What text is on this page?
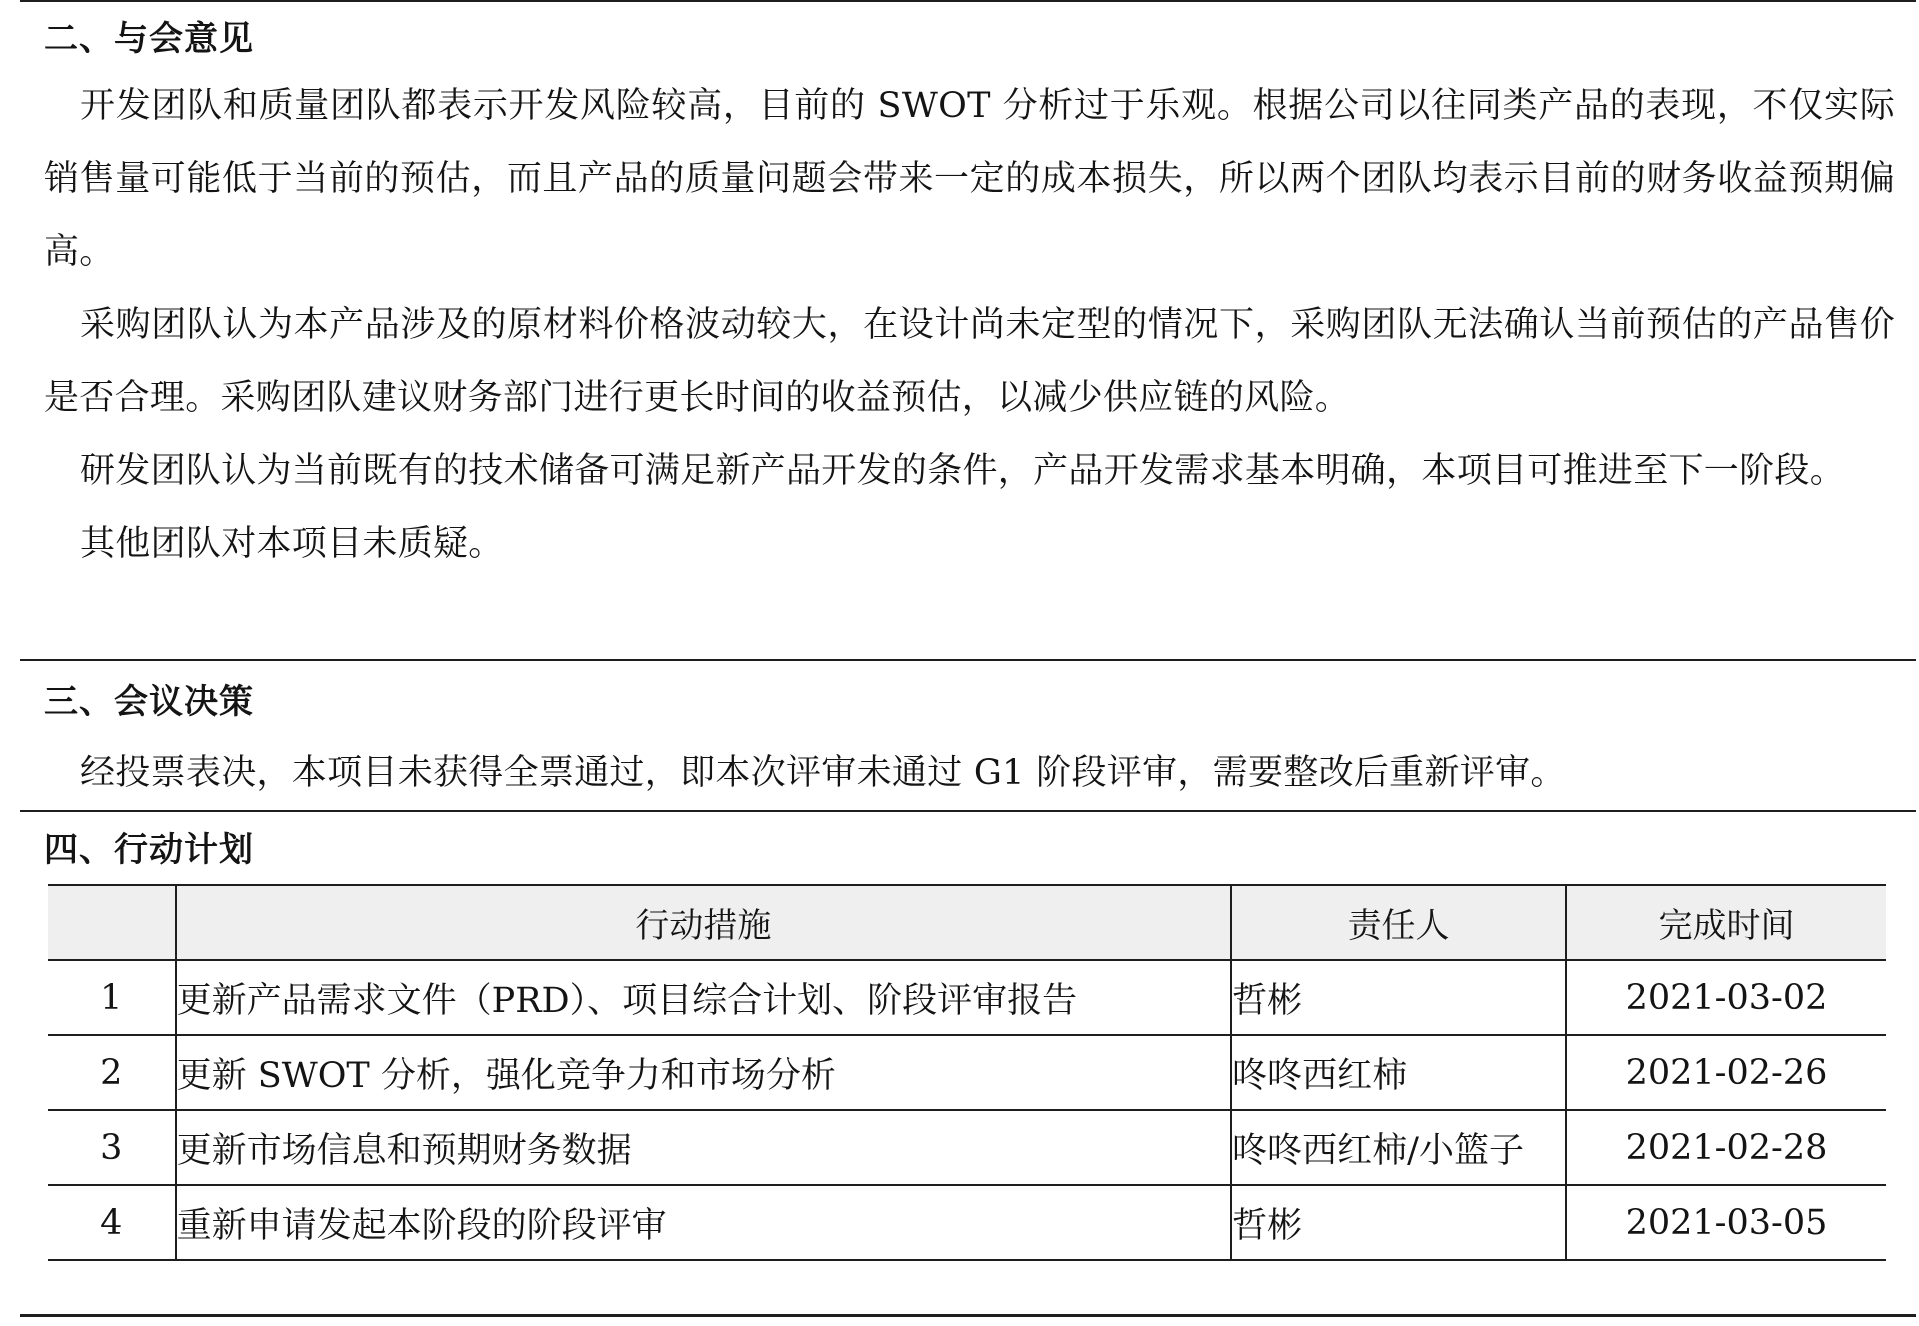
二、与会意见

开发团队和质量团队都表示开发风险较高，目前的 SWOT 分析过于乐观。根据公司以往同类产品的表现，不仅实际销售量可能低于当前的预估，而且产品的质量问题会带来一定的成本损失，所以两个团队均表示目前的财务收益预期偏高。

采购团队认为本产品涉及的原材料价格波动较大，在设计尚未定型的情况下，采购团队无法确认当前预估的产品售价是否合理。采购团队建议财务部门进行更长时间的收益预估，以减少供应链的风险。

研发团队认为当前既有的技术储备可满足新产品开发的条件，产品开发需求基本明确，本项目可推进至下一阶段。

其他团队对本项目未质疑。

三、会议决策

经投票表决，本项目未获得全票通过，即本次评审未通过 G1 阶段评审，需要整改后重新评审。

四、行动计划
	行动措施	责任人	完成时间
1	更新产品需求文件（PRD）、项目综合计划、阶段评审报告	哲彬	2021-03-02
2	更新 SWOT 分析，强化竞争力和市场分析	咚咚西红柿	2021-02-26
3	更新市场信息和预期财务数据	咚咚西红柿/小篮子	2021-02-28
4	重新申请发起本阶段的阶段评审	哲彬	2021-03-05
